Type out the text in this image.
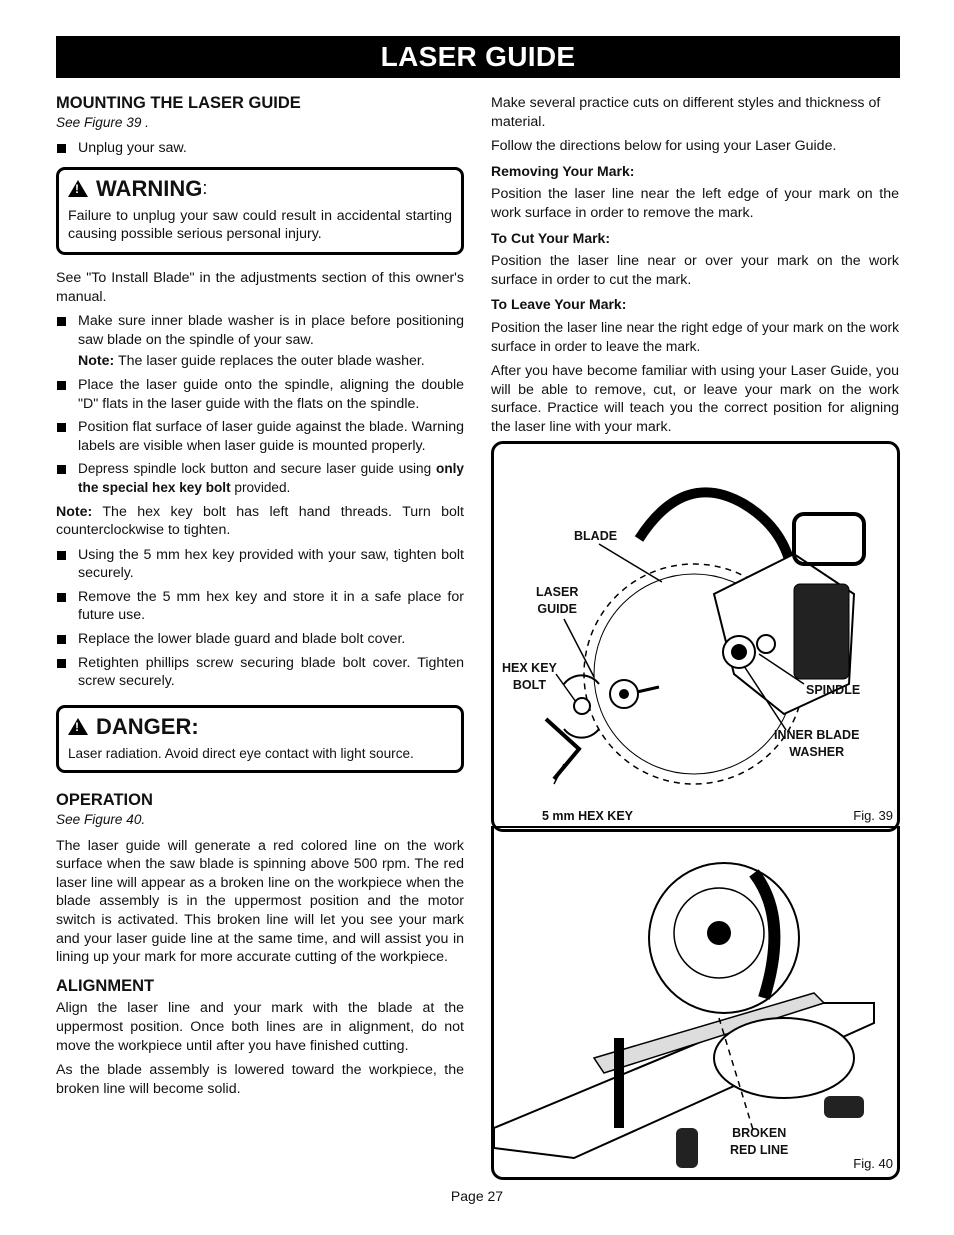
LASER GUIDE

MOUNTING THE LASER GUIDE

See Figure 39 .

Unplug your saw.
!
WARNING :

Failure to unplug your saw could result in accidental starting causing possible serious personal injury.

See "To Install Blade" in the adjustments section of this owner's manual.

Make sure inner blade washer is in place before positioning saw blade on the spindle of your saw.
Note: The laser guide replaces the outer blade washer.
Place the laser guide onto the spindle, aligning the double "D" flats in the laser guide with the flats on the spindle.
Position flat surface of laser guide against the blade. Warning labels are visible when laser guide is mounted properly.
Depress spindle lock button and secure laser guide using only the special hex key bolt provided.

Note: The hex key bolt has left hand threads. Turn bolt counterclockwise to tighten.

Using the 5 mm hex key provided with your saw, tighten bolt securely.
Remove the 5 mm hex key and store it in a safe place for future use.
Replace the lower blade guard and blade bolt cover.
Retighten phillips screw securing blade bolt cover. Tighten screw securely.
!
DANGER:

Laser radiation. Avoid direct eye contact with light source.

OPERATION

See Figure 40.

The laser guide will generate a red colored line on the work surface when the saw blade is spinning above 500 rpm. The red laser line will appear as a broken line on the workpiece when the blade assembly is in the uppermost position and the motor switch is activated. This broken line will let you see your mark and your laser guide line at the same time, and will assist you in lining up your mark for more accurate cutting of the workpiece.

ALIGNMENT

Align the laser line and your mark with the blade at the uppermost position. Once both lines are in alignment, do not move the workpiece until after you have finished cutting.

As the blade assembly is lowered toward the workpiece, the broken line will become solid.

Make several practice cuts on different styles and thickness of material.

Follow the directions below for using your Laser Guide.

Removing Your Mark:

Position the laser line near the left edge of your mark on the work surface in order to remove the mark.

To Cut Your Mark:

Position the laser line near or over your mark on the work surface in order to cut the mark.

To Leave Your Mark:

Position the laser line near the right edge of your mark on the work surface in order to leave the mark.

After you have become familiar with using your Laser Guide, you will be able to remove, cut, or leave your mark on the work surface. Practice will teach you the correct position for aligning the laser line with your mark.

BLADE
LASER
GUIDE
HEX KEY
BOLT	SPINDLE
INNER BLADE
WASHER
5 mm HEX KEY	Fig. 39
BROKEN
RED LINE
Fig. 40
Page 27
